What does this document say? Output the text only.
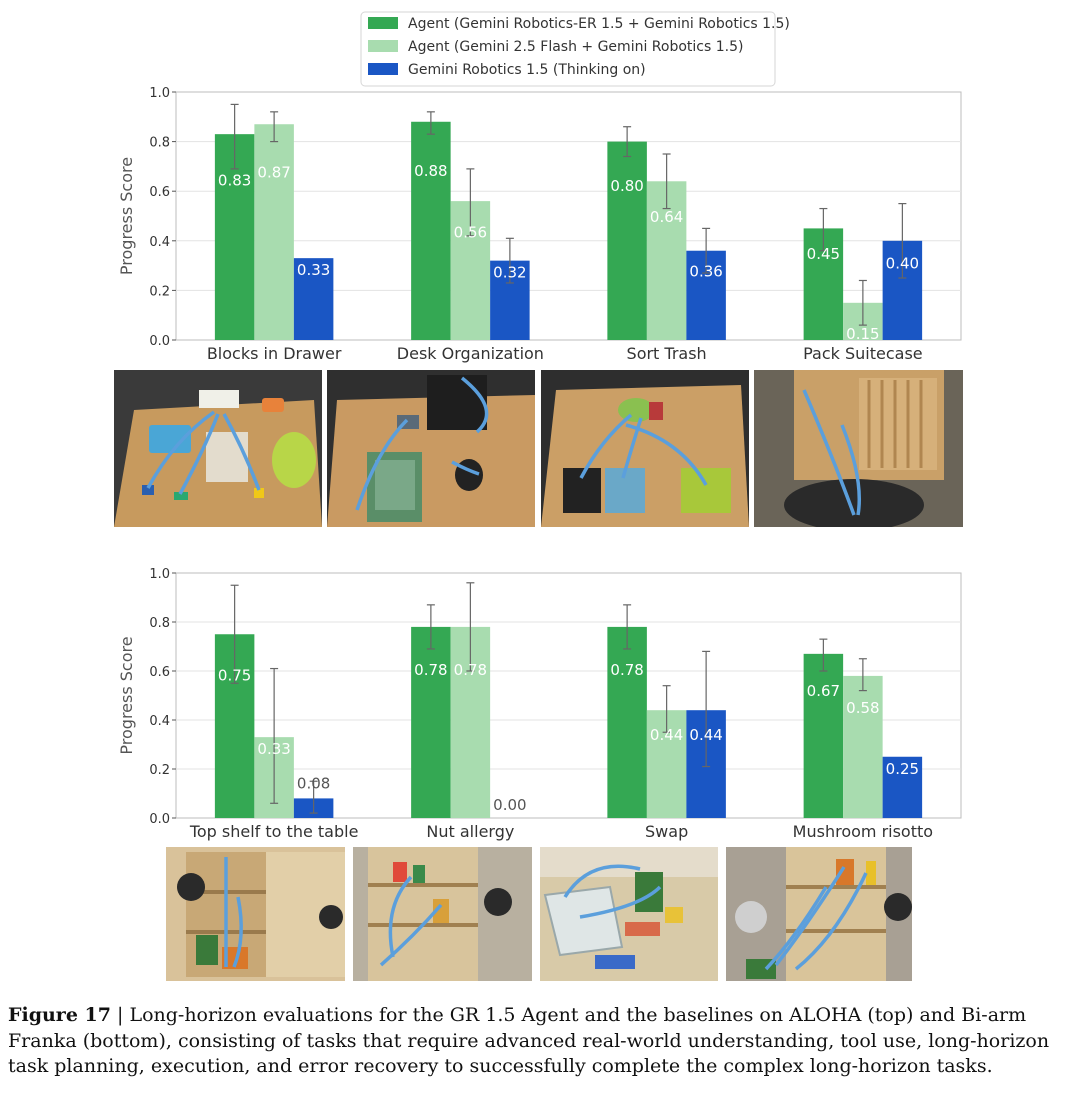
Agent (Gemini Robotics-ER 1.5 + Gemini Robotics 1.5)
Agent (Gemini 2.5 Flash + Gemini Robotics 1.5)
Gemini Robotics 1.5 (Thinking on)
0.0
0.2
0.4
0.6
0.8
1.0
Progress Score
Blocks in Drawer
0.83 0.87
0.33
Desk Organization
0.88
0.56
0.32
Sort Trash
0.80
0.64
0.36
Pack Suitecase
0.45
0.15
0.40
0.0
0.2
0.4
0.6
0.8
1.0
Progress Score
Top shelf to the table
0.75
0.33
0.08
Nut allergy
0.78 0.78
0.00
Swap
0.78
0.44 0.44
Mushroom risotto
0.67
0.58
0.25
Figure 17 | Long-horizon evaluations for the GR 1.5 Agent and the baselines on ALOHA (top) and Bi-arm Franka (bottom), consisting of tasks that require advanced real-world understanding, tool use, long-horizon task planning, execution, and error recovery to successfully complete the complex long-horizon tasks.
